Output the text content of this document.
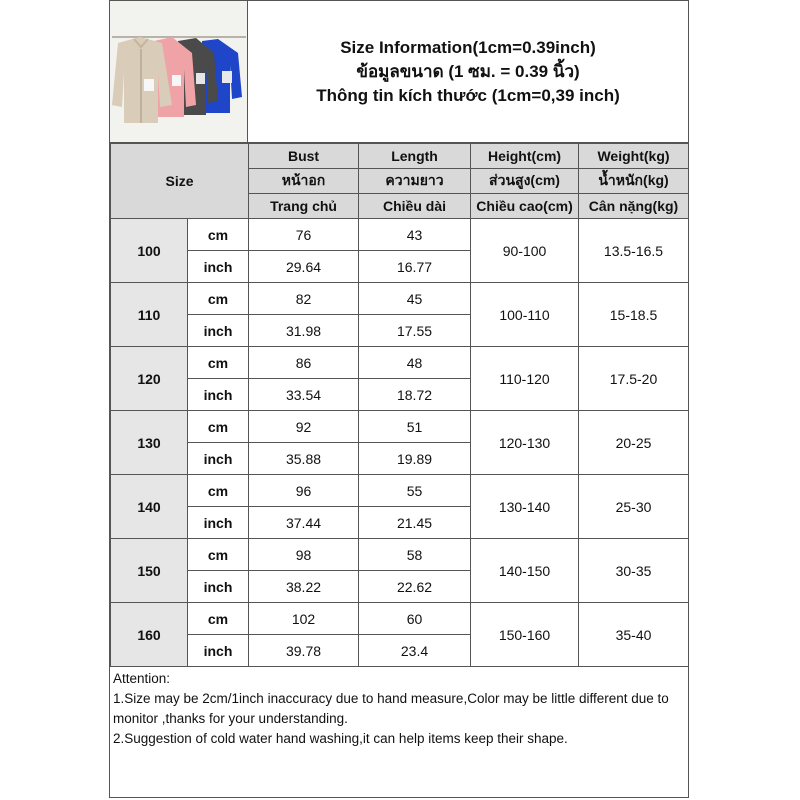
Size Information(1cm=0.39inch)
ข้อมูลขนาด (1 ซม. = 0.39 นิ้ว)
Thông tin kích thước (1cm=0,39 inch)
Size		Bust	Length	Height(cm)	Weight(kg)
		หน้าอก	ความยาว	ส่วนสูง(cm)	น้ำหนัก(kg)
		Trang chủ	Chiều dài	Chiều cao(cm)	Cân nặng(kg)
100	cm	76	43	90-100	13.5-16.5
	inch	29.64	16.77		
110	cm	82	45	100-110	15-18.5
	inch	31.98	17.55		
120	cm	86	48	110-120	17.5-20
	inch	33.54	18.72		
130	cm	92	51	120-130	20-25
	inch	35.88	19.89		
140	cm	96	55	130-140	25-30
	inch	37.44	21.45		
150	cm	98	58	140-150	30-35
	inch	38.22	22.62		
160	cm	102	60	150-160	35-40
	inch	39.78	23.4		
Attention:
1.Size may be 2cm/1inch inaccuracy due to hand measure,Color may be little different due to monitor ,thanks for your understanding.
2.Suggestion of cold water hand washing,it can help items keep their shape.
